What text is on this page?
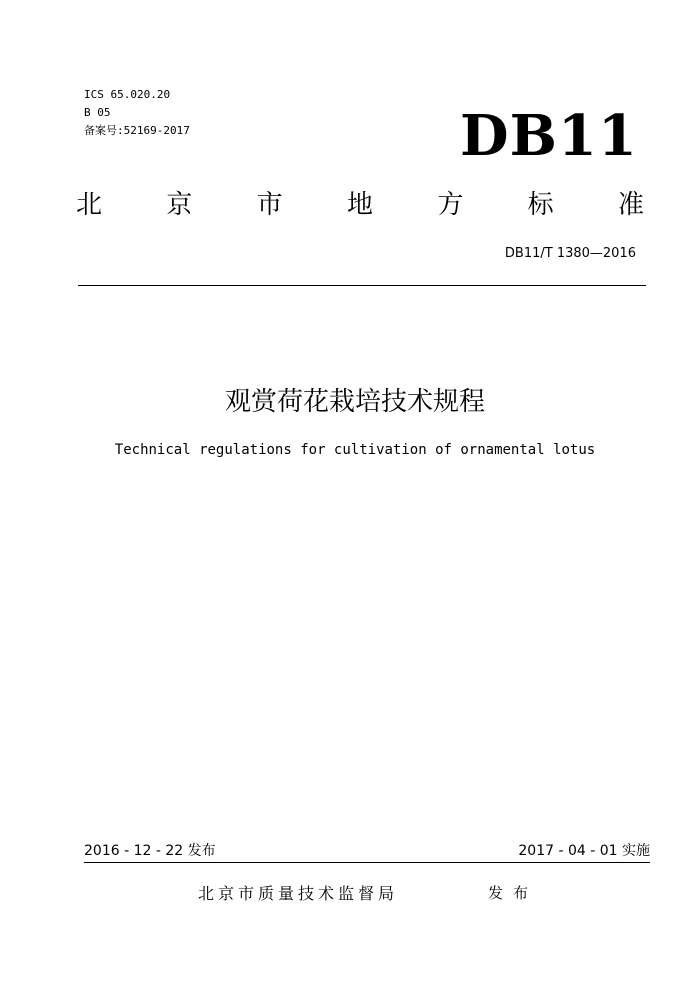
ICS 65.020.20
B 05
备案号:52169-2017	DB11
北 京 市 地 方 标 准
DB11/T 1380—2016
观赏荷花栽培技术规程
Technical regulations for cultivation of ornamental lotus
2016 - 12 - 22 发布	2017 - 04 - 01 实施
北京市质量技术监督局	发布
